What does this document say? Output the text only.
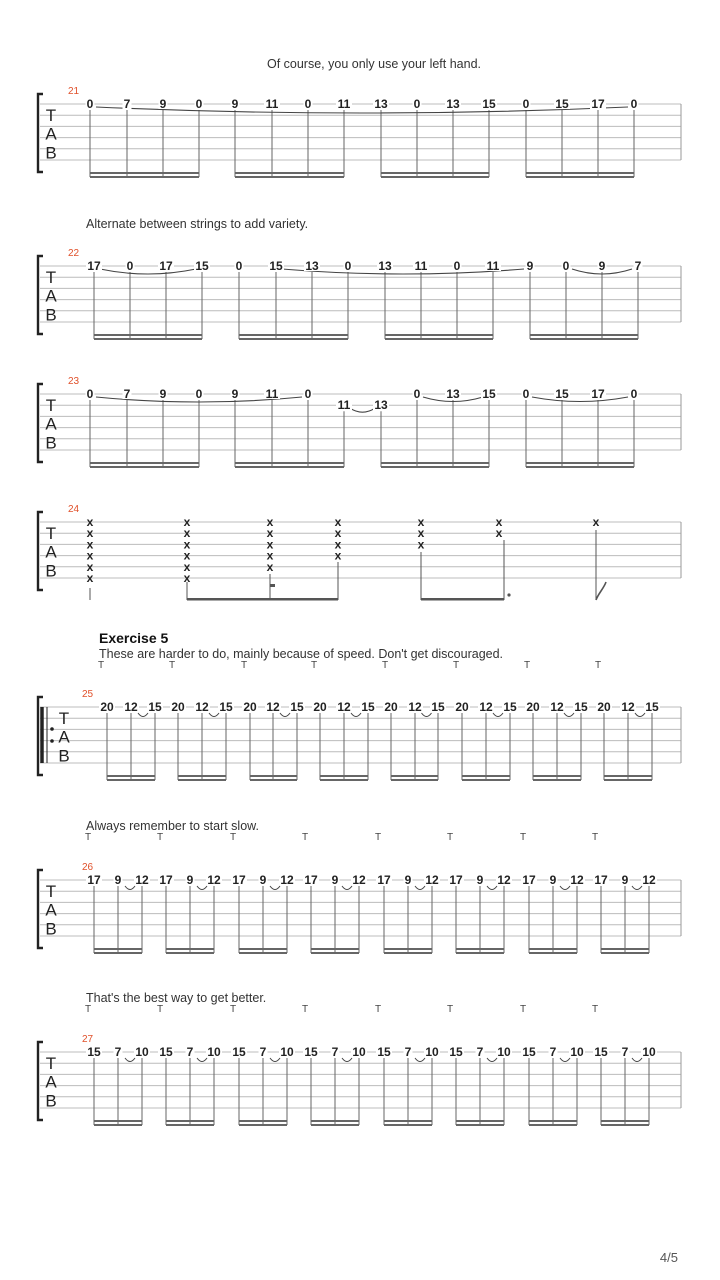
Of course, you only use your left hand.
21
T
A
B
0	7 9 0 9 11 0 11 13 0 13 15 0 15 17 0
Alternate between strings to add variety.
22
T
A
B
17 0 17 15 0 15 13 0 13 11 0 11 9 0 9 7
23
T
A
B
0	7 9 0 9 11 0
11 13
0 13 15 0 15 17 0
24
T
A
B
x
x
x
x
x
x
x
x
x
x
x
x
x
x
x
x
x
x
x
x
x
x
x
x
x
x
x
Exercise 5
These are harder to do, mainly because of speed. Don't get discouraged.
25
T
A
B
T	T	T	T	T	T	T	T
20 12 15 20 12 15 20 12 15 20 12 15 20 12 15 20 12 15 20 12 15 20 12 15
Always remember to start slow.
26
T
A
B
T	T	T	T	T	T	T	T
17 9 12 17 9 12 17 9 12 17 9 12 17 9 12 17 9 12 17 9 12 17 9 12
That's the best way to get better.
27
T
A
B
T	T	T	T	T	T	T	T
15 7 10 15 7 10 15 7 10 15 7 10 15 7 10 15 7 10 15 7 10 15 7 10
4/5
